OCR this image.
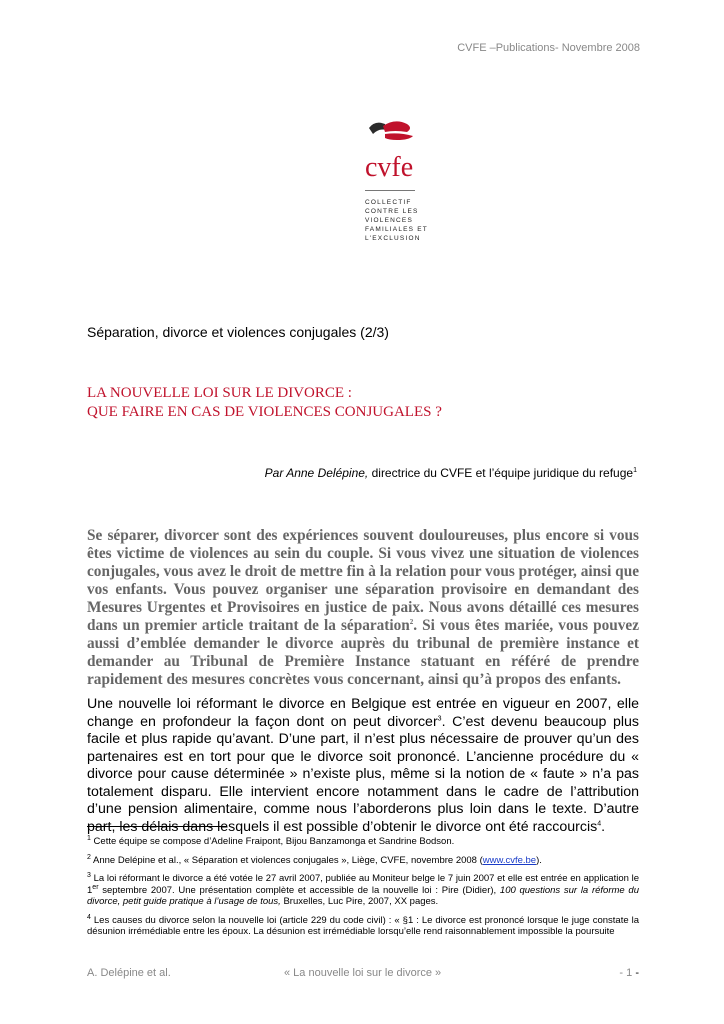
CVFE –Publications- Novembre 2008
cvfe
COLLECTIF
CONTRE LES
VIOLENCES
FAMILIALES ET
L'EXCLUSION
Séparation, divorce et violences conjugales (2/3)
LA NOUVELLE LOI SUR LE DIVORCE :
QUE FAIRE EN CAS DE VIOLENCES CONJUGALES ?
Par Anne Delépine, directrice du CVFE et l’équipe juridique du refuge$^1$
Se séparer, divorcer sont des expériences souvent douloureuses, plus encore si vous êtes victime de violences au sein du couple. Si vous vivez une situation de violences conjugales, vous avez le droit de mettre fin à la relation pour vous protéger, ainsi que vos enfants. Vous pouvez organiser une séparation provisoire en demandant des Mesures Urgentes et Provisoires en justice de paix. Nous avons détaillé ces mesures dans un premier article traitant de la séparation$^2$. Si vous êtes mariée, vous pouvez aussi d’emblée demander le divorce auprès du tribunal de première instance et demander au Tribunal de Première Instance statuant en référé de prendre rapidement des mesures concrètes vous concernant, ainsi qu’à propos des enfants.
Une nouvelle loi réformant le divorce en Belgique est entrée en vigueur en 2007, elle change en profondeur la façon dont on peut divorcer$^3$. C’est devenu beaucoup plus facile et plus rapide qu’avant. D’une part, il n’est plus nécessaire de prouver qu’un des partenaires est en tort pour que le divorce soit prononcé. L’ancienne procédure du « divorce pour cause déterminée » n’existe plus, même si la notion de « faute » n’a pas totalement disparu. Elle intervient encore notamment dans le cadre de l’attribution d’une pension alimentaire, comme nous l’aborderons plus loin dans le texte. D’autre part, les délais dans lesquels il est possible d’obtenir le divorce ont été raccourcis$^4$.
$^1$ Cette équipe se compose d’Adeline Fraipont, Bijou Banzamonga et Sandrine Bodson.
$^2$ Anne Delépine et al., « Séparation et violences conjugales », Liège, CVFE, novembre 2008 (www.cvfe.be).
$^3$ La loi réformant le divorce a été votée le 27 avril 2007, publiée au Moniteur belge le 7 juin 2007 et elle est entrée en application le 1er septembre 2007. Une présentation complète et accessible de la nouvelle loi : Pire (Didier), 100 questions sur la réforme du divorce, petit guide pratique à l’usage de tous, Bruxelles, Luc Pire, 2007, XX pages.
$^4$ Les causes du divorce selon la nouvelle loi (article 229 du code civil) : « §1 : Le divorce est prononcé lorsque le juge constate la désunion irrémédiable entre les époux. La désunion est irrémédiable lorsqu’elle rend raisonnablement impossible la poursuite
A. Delépine et al.	« La nouvelle loi sur le divorce »	- 1 -
